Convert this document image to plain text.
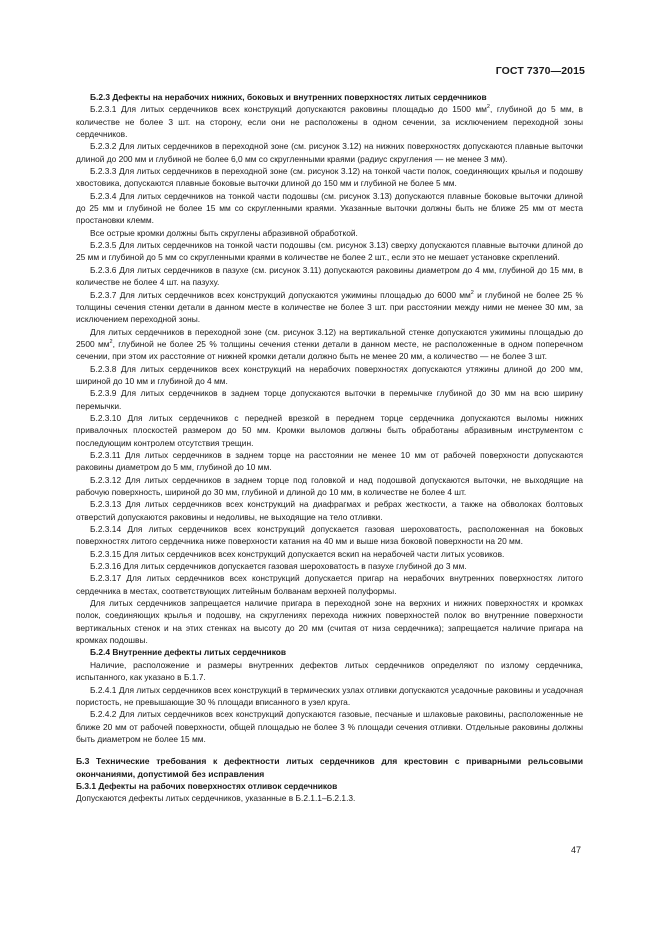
ГОСТ 7370—2015

Б.2.3 Дефекты на нерабочих нижних, боковых и внутренних поверхностях литых сердечников

Б.2.3.1 Для литых сердечников всех конструкций допускаются раковины площадью до 1500 $мм^2$, глубиной до 5 мм, в количестве не более 3 шт. на сторону, если они не расположены в одном сечении, за исключением переходной зоны сердечников.

Б.2.3.2 Для литых сердечников в переходной зоне (см. рисунок 3.12) на нижних поверхностях допускаются плавные выточки длиной до 200 мм и глубиной не более 6,0 мм со скругленными краями (радиус скругления — не менее 3 мм).

Б.2.3.3 Для литых сердечников в переходной зоне (см. рисунок 3.12) на тонкой части полок, соединяющих крылья и подошву хвостовика, допускаются плавные боковые выточки длиной до 150 мм и глубиной не более 5 мм.

Б.2.3.4 Для литых сердечников на тонкой части подошвы (см. рисунок 3.13) допускаются плавные боковые выточки длиной до 25 мм и глубиной не более 15 мм со скругленными краями. Указанные выточки должны быть не ближе 25 мм от места простановки клемм.

Все острые кромки должны быть скруглены абразивной обработкой.

Б.2.3.5 Для литых сердечников на тонкой части подошвы (см. рисунок 3.13) сверху допускаются плавные выточки длиной до 25 мм и глубиной до 5 мм со скругленными краями в количестве не более 2 шт., если это не мешает установке скреплений.

Б.2.3.6 Для литых сердечников в пазухе (см. рисунок 3.11) допускаются раковины диаметром до 4 мм, глубиной до 15 мм, в количестве не более 4 шт. на пазуху.

Б.2.3.7 Для литых сердечников всех конструкций допускаются ужимины площадью до 6000 $мм^2$ и глубиной не более 25 % толщины сечения стенки детали в данном месте в количестве не более 3 шт. при расстоянии между ними не менее 30 мм, за исключением переходной зоны.

Для литых сердечников в переходной зоне (см. рисунок 3.12) на вертикальной стенке допускаются ужимины площадью до 2500 $мм^2$, глубиной не более 25 % толщины сечения стенки детали в данном месте, не расположенные в одном поперечном сечении, при этом их расстояние от нижней кромки детали должно быть не менее 20 мм, а количество — не более 3 шт.

Б.2.3.8 Для литых сердечников всех конструкций на нерабочих поверхностях допускаются утяжины длиной до 200 мм, шириной до 10 мм и глубиной до 4 мм.

Б.2.3.9 Для литых сердечников в заднем торце допускаются выточки в перемычке глубиной до 30 мм на всю ширину перемычки.

Б.2.3.10 Для литых сердечников с передней врезкой в переднем торце сердечника допускаются выломы нижних привалочных плоскостей размером до 50 мм. Кромки выломов должны быть обработаны абразивным инструментом с последующим контролем отсутствия трещин.

Б.2.3.11 Для литых сердечников в заднем торце на расстоянии не менее 10 мм от рабочей поверхности допускаются раковины диаметром до 5 мм, глубиной до 10 мм.

Б.2.3.12 Для литых сердечников в заднем торце под головкой и над подошвой допускаются выточки, не выходящие на рабочую поверхность, шириной до 30 мм, глубиной и длиной до 10 мм, в количестве не более 4 шт.

Б.2.3.13 Для литых сердечников всех конструкций на диафрагмах и ребрах жесткости, а также на обволоках болтовых отверстий допускаются раковины и недоливы, не выходящие на тело отливки.

Б.2.3.14 Для литых сердечников всех конструкций допускается газовая шероховатость, расположенная на боковых поверхностях литого сердечника ниже поверхности катания на 40 мм и выше низа боковой поверхности на 20 мм.

Б.2.3.15 Для литых сердечников всех конструкций допускается вскип на нерабочей части литых усовиков.

Б.2.3.16 Для литых сердечников допускается газовая шероховатость в пазухе глубиной до 3 мм.

Б.2.3.17 Для литых сердечников всех конструкций допускается пригар на нерабочих внутренних поверхностях литого сердечника в местах, соответствующих литейным болванам верхней полуформы.

Для литых сердечников запрещается наличие пригара в переходной зоне на верхних и нижних поверхностях и кромках полок, соединяющих крылья и подошву, на скруглениях перехода нижних поверхностей полок во внутренние поверхности вертикальных стенок и на этих стенках на высоту до 20 мм (считая от низа сердечника); запрещается наличие пригара на кромках подошвы.

Б.2.4 Внутренние дефекты литых сердечников

Наличие, расположение и размеры внутренних дефектов литых сердечников определяют по излому сердечника, испытанного, как указано в Б.1.7.

Б.2.4.1 Для литых сердечников всех конструкций в термических узлах отливки допускаются усадочные раковины и усадочная пористость, не превышающие 30 % площади вписанного в узел круга.

Б.2.4.2 Для литых сердечников всех конструкций допускаются газовые, песчаные и шлаковые раковины, расположенные не ближе 20 мм от рабочей поверхности, общей площадью не более 3 % площади сечения отливки. Отдельные раковины должны быть диаметром не более 15 мм.

Б.3 Технические требования к дефектности литых сердечников для крестовин с приварными рельсовыми окончаниями, допустимой без исправления

Б.3.1 Дефекты на рабочих поверхностях отливок сердечников

Допускаются дефекты литых сердечников, указанные в Б.2.1.1–Б.2.1.3.

47
